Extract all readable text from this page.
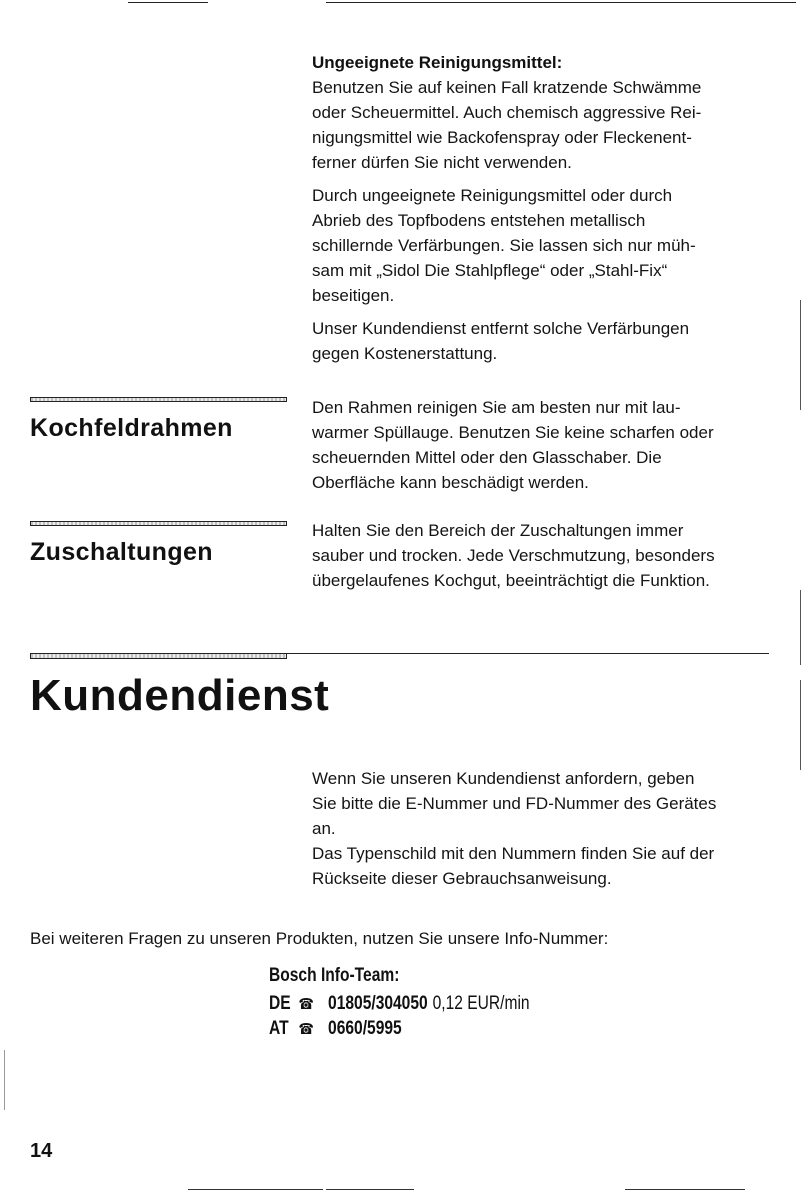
Ungeeignete Reinigungsmittel:

Benutzen Sie auf keinen Fall kratzende Schwämme

oder Scheuermittel. Auch chemisch aggressive Rei-

nigungsmittel wie Backofenspray oder Fleckenent-

ferner dürfen Sie nicht verwenden.

Durch ungeeignete Reinigungsmittel oder durch

Abrieb des Topfbodens entstehen metallisch

schillernde Verfärbungen. Sie lassen sich nur müh-

sam mit „Sidol Die Stahlpflege“ oder „Stahl-Fix“

beseitigen.

Unser Kundendienst entfernt solche Verfärbungen

gegen Kostenerstattung.

Kochfeldrahmen

Den Rahmen reinigen Sie am besten nur mit lau-

warmer Spüllauge. Benutzen Sie keine scharfen oder

scheuernden Mittel oder den Glasschaber. Die

Oberfläche kann beschädigt werden.

Zuschaltungen

Halten Sie den Bereich der Zuschaltungen immer

sauber und trocken. Jede Verschmutzung, besonders

übergelaufenes Kochgut, beeinträchtigt die Funktion.

Kundendienst

Wenn Sie unseren Kundendienst anfordern, geben

Sie bitte die E-Nummer und FD-Nummer des Gerätes

an.

Das Typenschild mit den Nummern finden Sie auf der

Rückseite dieser Gebrauchsanweisung.

Bei weiteren Fragen zu unseren Produkten, nutzen Sie unsere Info-Nummer:

Bosch Info-Team:
DE ☎ 01805/304050 0,12 EUR/min
AT ☎ 0660/5995

14
